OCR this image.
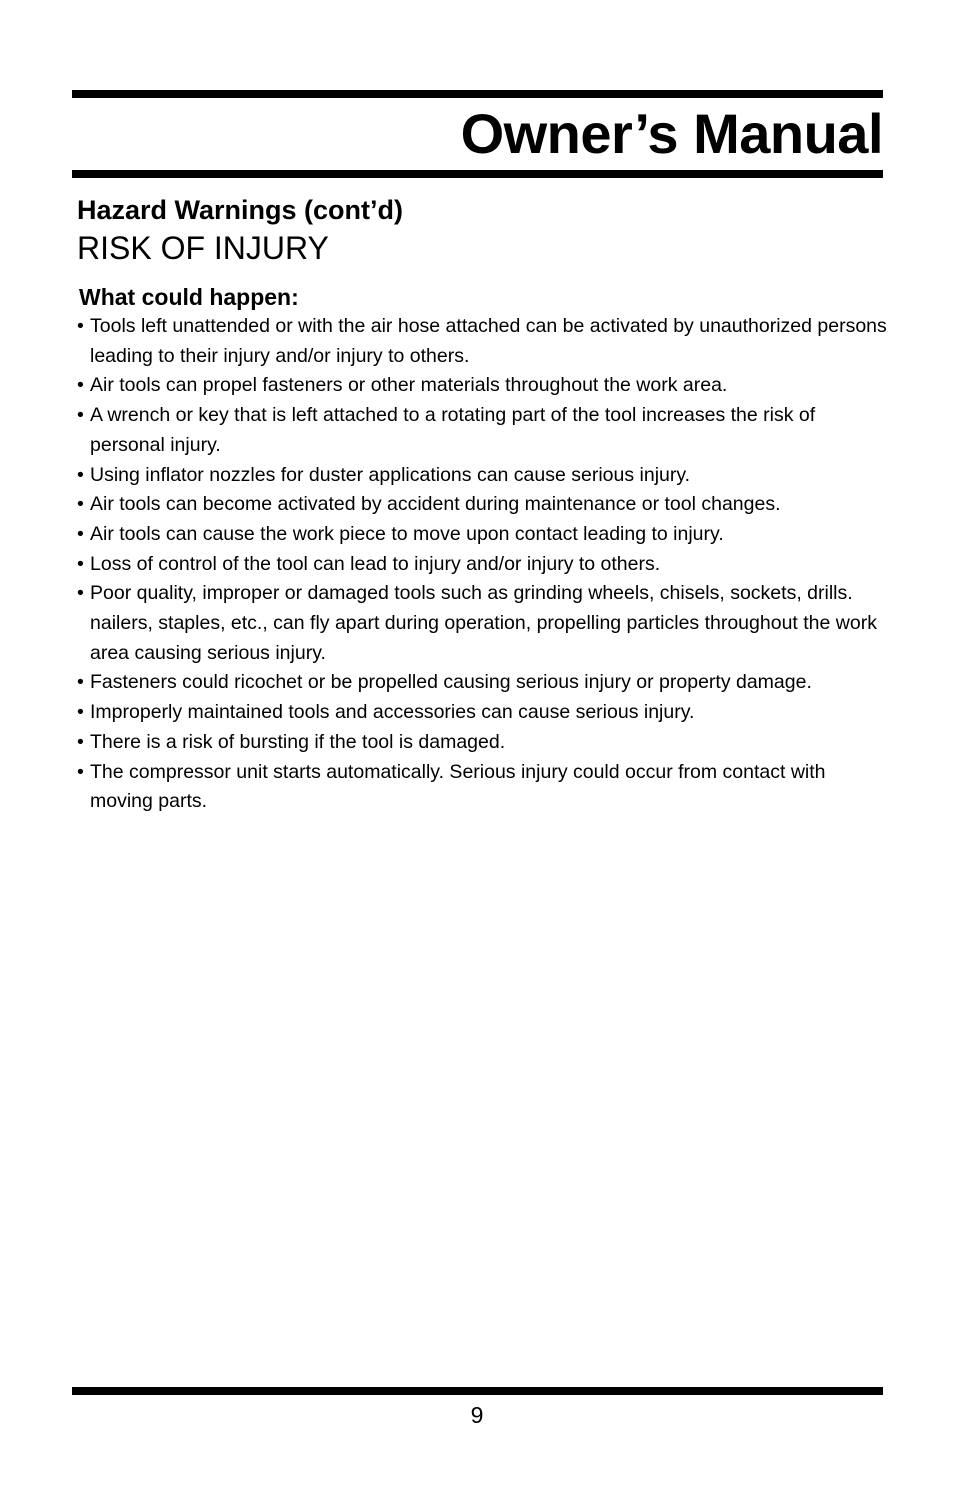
Owner’s Manual
Hazard Warnings (cont’d)
RISK OF INJURY
What could happen:
• Tools left unattended or with the air hose attached can be activated by unauthorized persons leading to their injury and/or injury to others.
• Air tools can propel fasteners or other materials throughout the work area.
• A wrench or key that is left attached to a rotating part of the tool increases the risk of personal injury.
• Using inflator nozzles for duster applications can cause serious injury.
• Air tools can become activated by accident during maintenance or tool changes.
• Air tools can cause the work piece to move upon contact leading to injury.
• Loss of control of the tool can lead to injury and/or injury to others.
• Poor quality, improper or damaged tools such as grinding wheels, chisels, sockets, drills. nailers, staples, etc., can fly apart during operation, propelling particles throughout the work area causing serious injury.
• Fasteners could ricochet or be propelled causing serious injury or property damage.
• Improperly maintained tools and accessories can cause serious injury.
• There is a risk of bursting if the tool is damaged.
• The compressor unit starts automatically. Serious injury could occur from contact with moving parts.
9
